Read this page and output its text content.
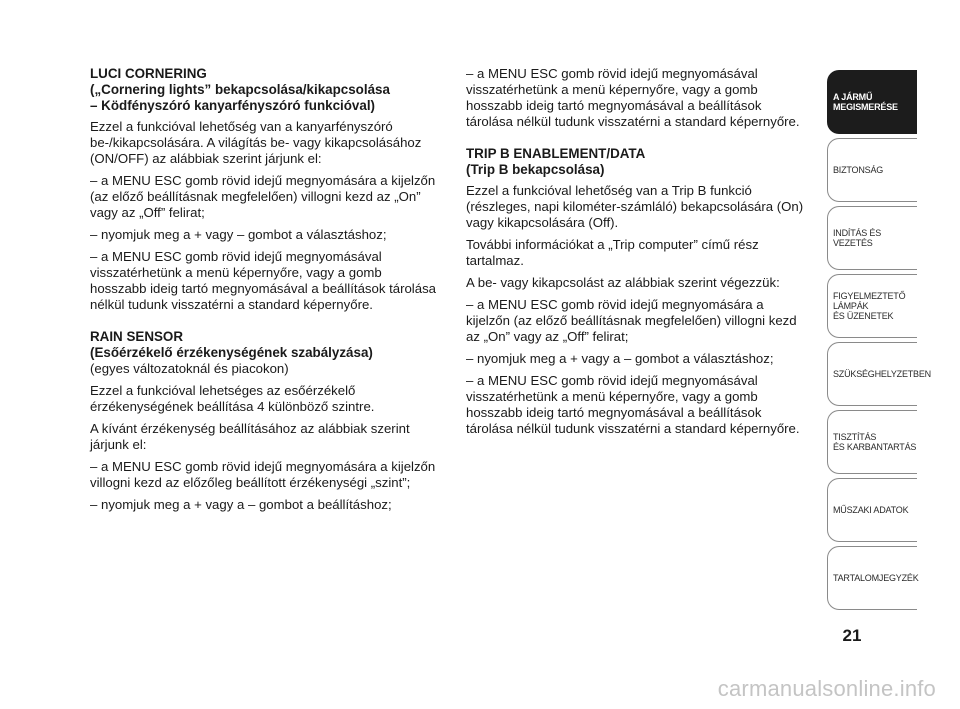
LUCI CORNERING
(„Cornering lights” bekapcsolása/kikapcsolása
– Ködfényszóró kanyarfényszóró funkcióval)

Ezzel a funkcióval lehetőség van a kanyarfényszóró be-/kikapcsolására. A világítás be- vagy kikapcsolásához (ON/OFF) az alábbiak szerint járjunk el:

– a MENU ESC gomb rövid idejű megnyomására a kijelzőn (az előző beállításnak megfelelően) villogni kezd az „On” vagy az „Off” felirat;

– nyomjuk meg a + vagy – gombot a választáshoz;

– a MENU ESC gomb rövid idejű megnyomásával visszatérhetünk a menü képernyőre, vagy a gomb hosszabb ideig tartó megnyomásával a beállítások tárolása nélkül tudunk visszatérni a standard képernyőre.

RAIN SENSOR
(Esőérzékelő érzékenységének szabályzása)

(egyes változatoknál és piacokon)

Ezzel a funkcióval lehetséges az esőérzékelő érzékenységének beállítása 4 különböző szintre.

A kívánt érzékenység beállításához az alábbiak szerint járjunk el:

– a MENU ESC gomb rövid idejű megnyomására a kijelzőn villogni kezd az előzőleg beállított érzékenységi „szint”;

– nyomjuk meg a + vagy a – gombot a beállításhoz;

– a MENU ESC gomb rövid idejű megnyomásával visszatérhetünk a menü képernyőre, vagy a gomb hosszabb ideig tartó megnyomásával a beállítások tárolása nélkül tudunk visszatérni a standard képernyőre.

TRIP B ENABLEMENT/DATA
(Trip B bekapcsolása)

Ezzel a funkcióval lehetőség van a Trip B funkció (részleges, napi kilométer-számláló) bekapcsolására (On) vagy kikapcsolására (Off).

További információkat a „Trip computer” című rész tartalmaz.

A be- vagy kikapcsolást az alábbiak szerint végezzük:

– a MENU ESC gomb rövid idejű megnyomására a kijelzőn (az előző beállításnak megfelelően) villogni kezd az „On” vagy az „Off” felirat;

– nyomjuk meg a + vagy a – gombot a választáshoz;

– a MENU ESC gomb rövid idejű megnyomásával visszatérhetünk a menü képernyőre, vagy a gomb hosszabb ideig tartó megnyomásával a beállítások tárolása nélkül tudunk visszatérni a standard képernyőre.

A JÁRMŰ
MEGISMERÉSE
BIZTONSÁG
INDÍTÁS ÉS VEZETÉS
FIGYELMEZTETŐ
LÁMPÁK
ÉS ÜZENETEK
SZÜKSÉGHELYZETBEN
TISZTÍTÁS
ÉS KARBANTARTÁS
MŰSZAKI ADATOK
TARTALOMJEGYZÉK
21
carmanualsonline.info
